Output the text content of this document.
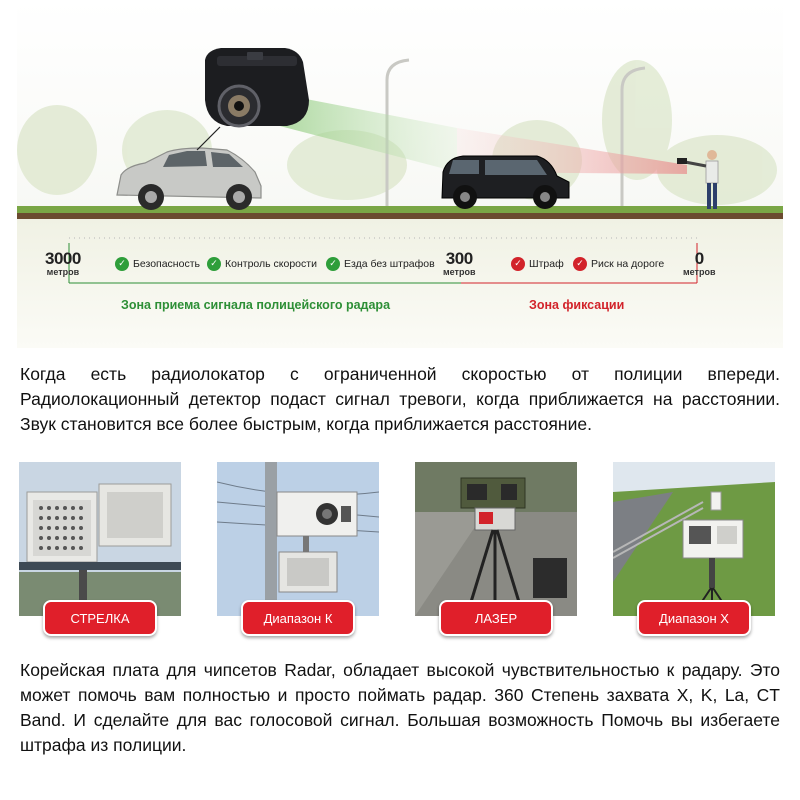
3000
метров
300
метров
0
метров
✓ Безопасность	✓ Контроль скорости	✓ Езда без штрафов	✓ Штраф	✓ Риск на дороге
Зона приема сигнала полицейского радара	Зона фиксации

Когда есть радиолокатор с ограниченной скоростью от полиции впереди. Радиолокационный детектор подаст сигнал тревоги, когда приближается на расстоянии. Звук становится все более быстрым, когда приближается расстояние.

СТРЕЛКА	Диапазон К	ЛАЗЕР	Диапазон Х

Корейская плата для чипсетов Radar, обладает высокой чувствительностью к радару. Это может помочь вам полностью и просто поймать радар. 360 Степень захвата X, K, La, CT Band. И сделайте для вас голосовой сигнал. Большая возможность Помочь вы избегаете штрафа из полиции.
